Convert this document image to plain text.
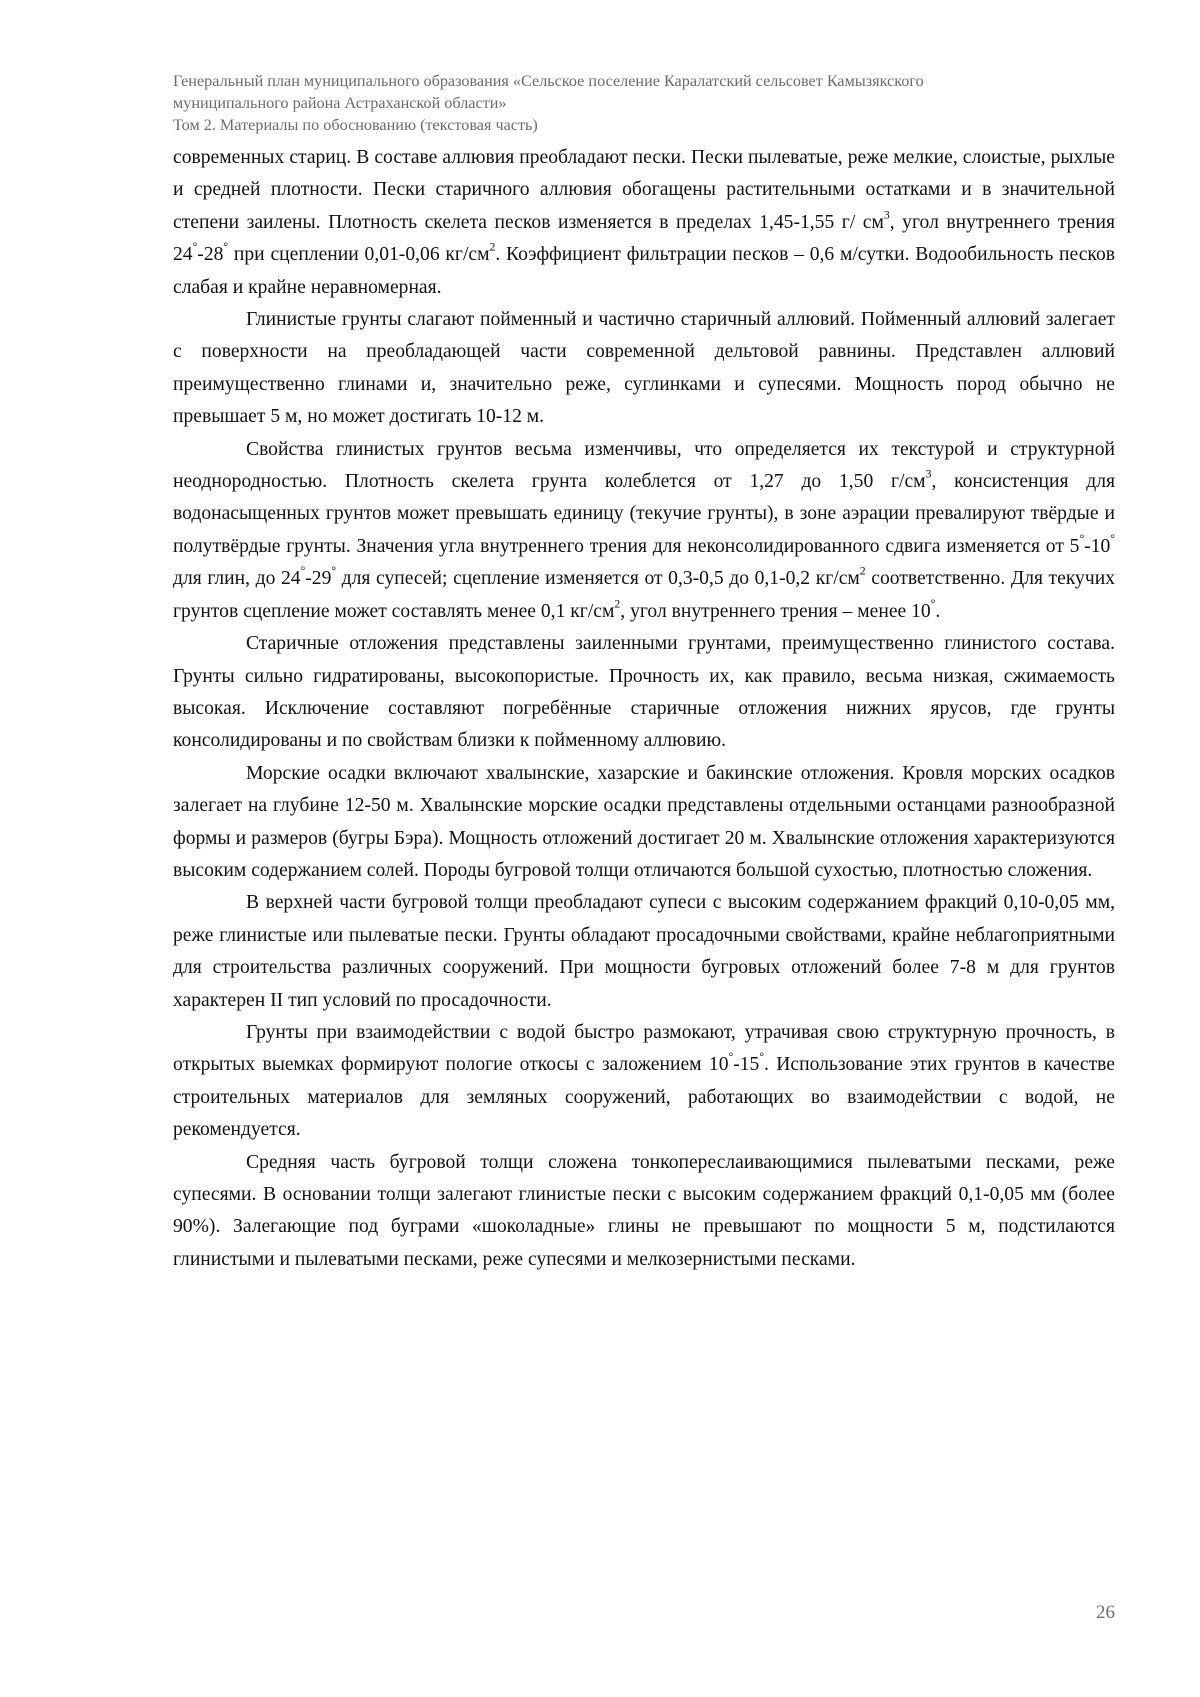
Генеральный план муниципального образования «Сельское поселение Каралатский сельсовет Камызякского
муниципального района Астраханской области»
Том 2. Материалы по обоснованию (текстовая часть)

современных стариц. В составе аллювия преобладают пески. Пески пылеватые, реже мелкие, слоистые, рыхлые и средней плотности. Пески старичного аллювия обогащены растительными остатками и в значительной степени заилены. Плотность скелета песков изменяется в пределах 1,45-1,55 г/ $см^3$, угол внутреннего трения 24°-28° при сцеплении 0,01-0,06 $кг/см^2$. Коэффициент фильтрации песков – 0,6 м/сутки. Водообильность песков слабая и крайне неравномерная.

Глинистые грунты слагают пойменный и частично старичный аллювий. Пойменный аллювий залегает с поверхности на преобладающей части современной дельтовой равнины. Представлен аллювий преимущественно глинами и, значительно реже, суглинками и супесями. Мощность пород обычно не превышает 5 м, но может достигать 10-12 м.

Свойства глинистых грунтов весьма изменчивы, что определяется их текстурой и структурной неоднородностью. Плотность скелета грунта колеблется от 1,27 до 1,50 $г/см^3$, консистенция для водонасыщенных грунтов может превышать единицу (текучие грунты), в зоне аэрации превалируют твёрдые и полутвёрдые грунты. Значения угла внутреннего трения для неконсолидированного сдвига изменяется от 5°-10° для глин, до 24°-29° для супесей; сцепление изменяется от 0,3-0,5 до 0,1-0,2 $кг/см^2$ соответственно. Для текучих грунтов сцепление может составлять менее 0,1 $кг/см^2$, угол внутреннего трения – менее 10°.

Старичные отложения представлены заиленными грунтами, преимущественно глинистого состава. Грунты сильно гидратированы, высокопористые. Прочность их, как правило, весьма низкая, сжимаемость высокая. Исключение составляют погребённые старичные отложения нижних ярусов, где грунты консолидированы и по свойствам близки к пойменному аллювию.

Морские осадки включают хвалынские, хазарские и бакинские отложения. Кровля морских осадков залегает на глубине 12-50 м. Хвалынские морские осадки представлены отдельными останцами разнообразной формы и размеров (бугры Бэра). Мощность отложений достигает 20 м. Хвалынские отложения характеризуются высоким содержанием солей. Породы бугровой толщи отличаются большой сухостью, плотностью сложения.

В верхней части бугровой толщи преобладают супеси с высоким содержанием фракций 0,10-0,05 мм, реже глинистые или пылеватые пески. Грунты обладают просадочными свойствами, крайне неблагоприятными для строительства различных сооружений. При мощности бугровых отложений более 7-8 м для грунтов характерен II тип условий по просадочности.

Грунты при взаимодействии с водой быстро размокают, утрачивая свою структурную прочность, в открытых выемках формируют пологие откосы с заложением 10°-15°. Использование этих грунтов в качестве строительных материалов для земляных сооружений, работающих во взаимодействии с водой, не рекомендуется.

Средняя часть бугровой толщи сложена тонкопереслаивающимися пылеватыми песками, реже супесями. В основании толщи залегают глинистые пески с высоким содержанием фракций 0,1-0,05 мм (более 90%). Залегающие под буграми «шоколадные» глины не превышают по мощности 5 м, подстилаются глинистыми и пылеватыми песками, реже супесями и мелкозернистыми песками.

26
